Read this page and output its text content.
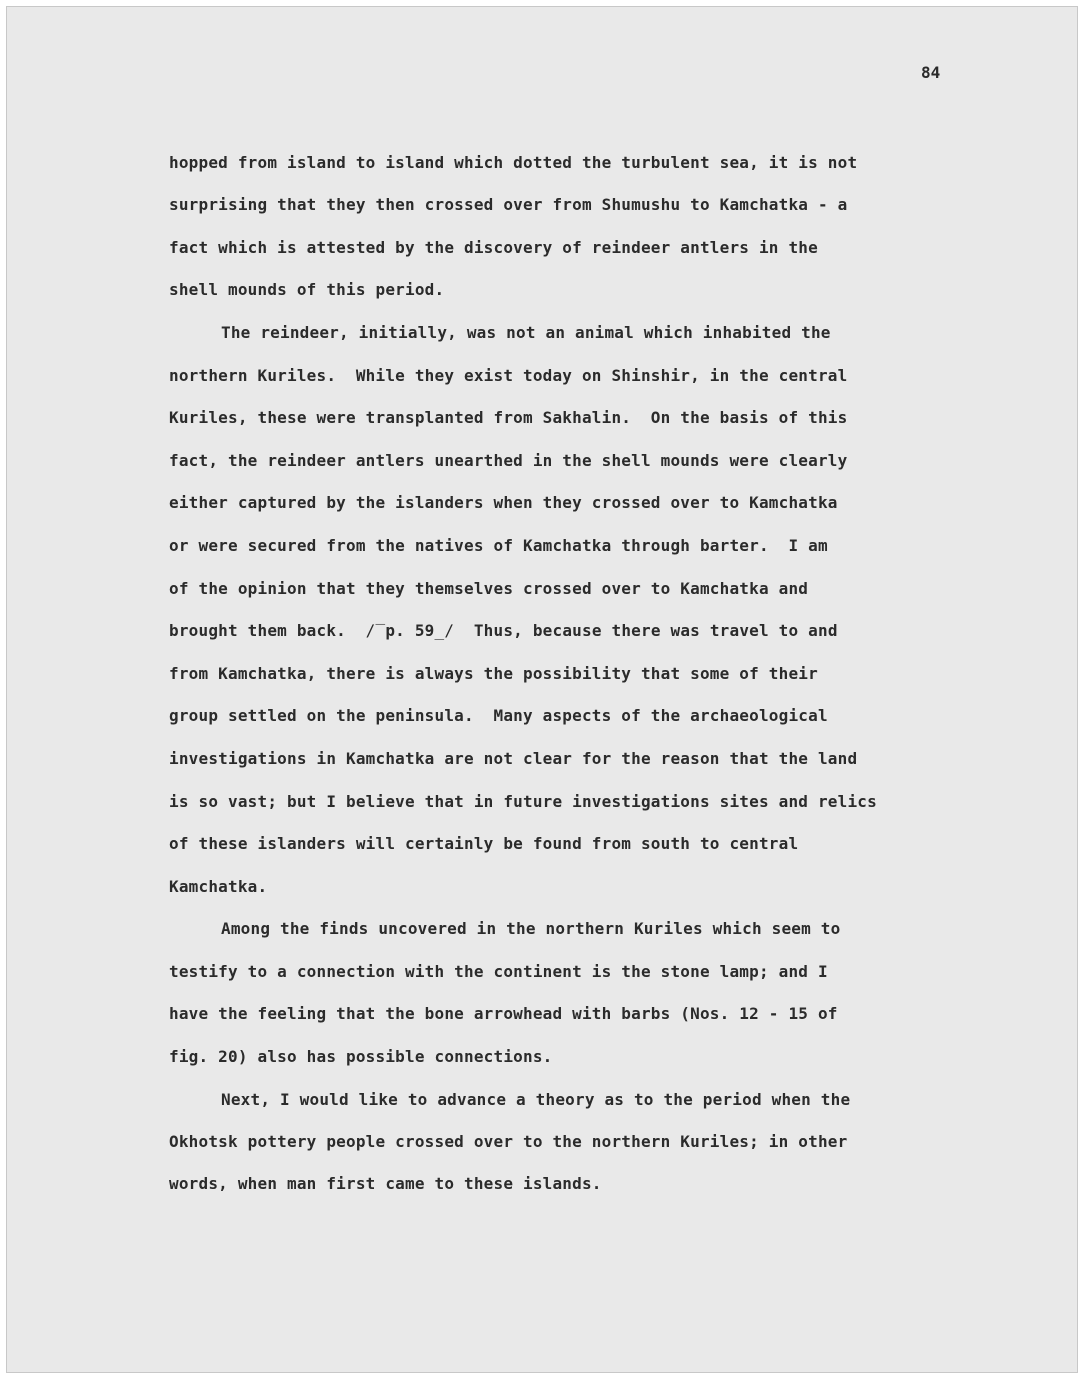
84
hopped from island to island which dotted the turbulent sea, it is not
surprising that they then crossed over from Shumushu to Kamchatka - a
fact which is attested by the discovery of reindeer antlers in the
shell mounds of this period.
The reindeer, initially, was not an animal which inhabited the
northern Kuriles.  While they exist today on Shinshir, in the central
Kuriles, these were transplanted from Sakhalin.  On the basis of this
fact, the reindeer antlers unearthed in the shell mounds were clearly
either captured by the islanders when they crossed over to Kamchatka
or were secured from the natives of Kamchatka through barter.  I am
of the opinion that they themselves crossed over to Kamchatka and
brought them back.  ∕‾p. 59_∕  Thus, because there was travel to and
from Kamchatka, there is always the possibility that some of their
group settled on the peninsula.  Many aspects of the archaeological
investigations in Kamchatka are not clear for the reason that the land
is so vast; but I believe that in future investigations sites and relics
of these islanders will certainly be found from south to central
Kamchatka.
Among the finds uncovered in the northern Kuriles which seem to
testify to a connection with the continent is the stone lamp; and I
have the feeling that the bone arrowhead with barbs (Nos. 12 - 15 of
fig. 20) also has possible connections.
Next, I would like to advance a theory as to the period when the
Okhotsk pottery people crossed over to the northern Kuriles; in other
words, when man first came to these islands.
